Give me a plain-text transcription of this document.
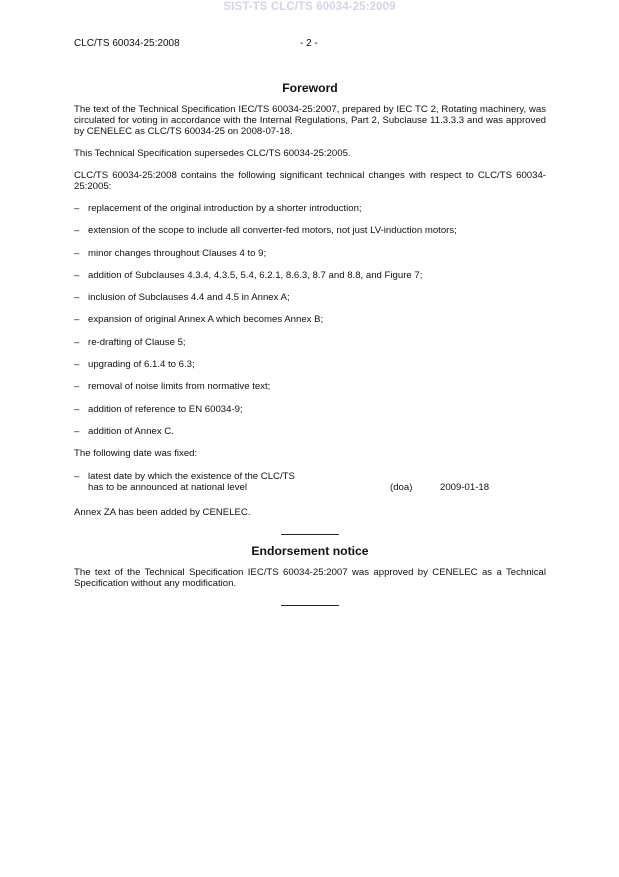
SIST-TS CLC/TS 60034-25:2009
CLC/TS 60034-25:2008	- 2 -
Foreword

The text of the Technical Specification IEC/TS 60034-25:2007, prepared by IEC TC 2, Rotating machinery, was circulated for voting in accordance with the Internal Regulations, Part 2, Subclause 11.3.3.3 and was approved by CENELEC as CLC/TS 60034-25 on 2008-07-18.

This Technical Specification supersedes CLC/TS 60034-25:2005.

CLC/TS 60034-25:2008 contains the following significant technical changes with respect to CLC/TS 60034-25:2005:

– replacement of the original introduction by a shorter introduction;
– extension of the scope to include all converter-fed motors, not just LV-induction motors;
– minor changes throughout Clauses 4 to 9;
– addition of Subclauses 4.3.4, 4.3.5, 5.4, 6.2.1, 8.6.3, 8.7 and 8.8, and Figure 7;
– inclusion of Subclauses 4.4 and 4.5 in Annex A;
– expansion of original Annex A which becomes Annex B;
– re-drafting of Clause 5;
– upgrading of 6.1.4 to 6.3;
– removal of noise limits from normative text;
– addition of reference to EN 60034-9;
– addition of Annex C.

The following date was fixed:

– latest date by which the existence of the CLC/TS
has to be announced at national level	(doa)	2009-01-18

Annex ZA has been added by CENELEC.

Endorsement notice

The text of the Technical Specification IEC/TS 60034-25:2007 was approved by CENELEC as a Technical Specification without any modification.
